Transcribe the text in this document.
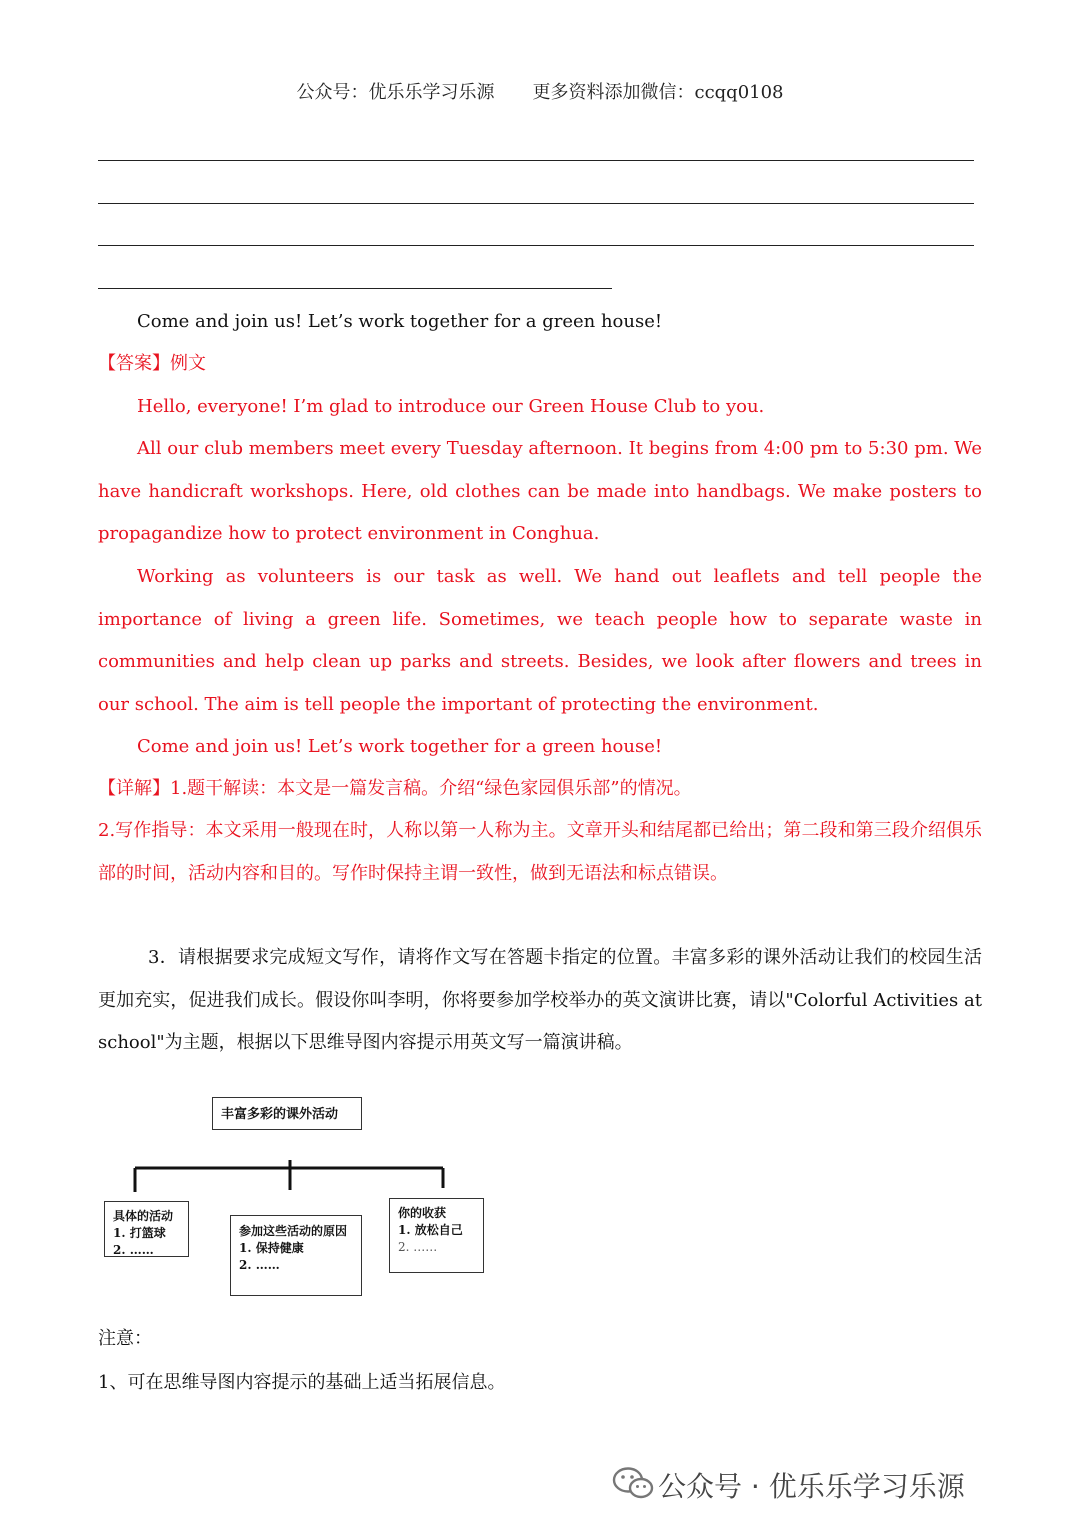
公众号：优乐乐学习乐源 更多资料添加微信：ccqq0108
Come and join us! Let’s work together for a green house!
【答案】例文
Hello, everyone! I’m glad to introduce our Green House Club to you.
All our club members meet every Tuesday afternoon. It begins from 4:00 pm to 5:30 pm. We have handicraft workshops. Here, old clothes can be made into handbags. We make posters to propagandize how to protect environment in Conghua.
Working as volunteers is our task as well. We hand out leaflets and tell people the importance of living a green life. Sometimes, we teach people how to separate waste in communities and help clean up parks and streets. Besides, we look after flowers and trees in our school. The aim is tell people the important of protecting the environment.
Come and join us! Let’s work together for a green house!
【详解】1.题干解读：本文是一篇发言稿。介绍“绿色家园俱乐部”的情况。
2.写作指导：本文采用一般现在时，人称以第一人称为主。文章开头和结尾都已给出；第二段和第三段介绍俱乐部的时间，活动内容和目的。写作时保持主谓一致性，做到无语法和标点错误。
3．请根据要求完成短文写作，请将作文写在答题卡指定的位置。丰富多彩的课外活动让我们的校园生活更加充实，促进我们成长。假设你叫李明，你将要参加学校举办的英文演讲比赛，请以"Colorful Activities at school"为主题，根据以下思维导图内容提示用英文写一篇演讲稿。
丰富多彩的课外活动
具体的活动
1. 打篮球
2. ……
参加这些活动的原因
1. 保持健康
2. ……
你的收获
1. 放松自己
2. ……
注意：
1、可在思维导图内容提示的基础上适当拓展信息。
公众号 · 优乐乐学习乐源
